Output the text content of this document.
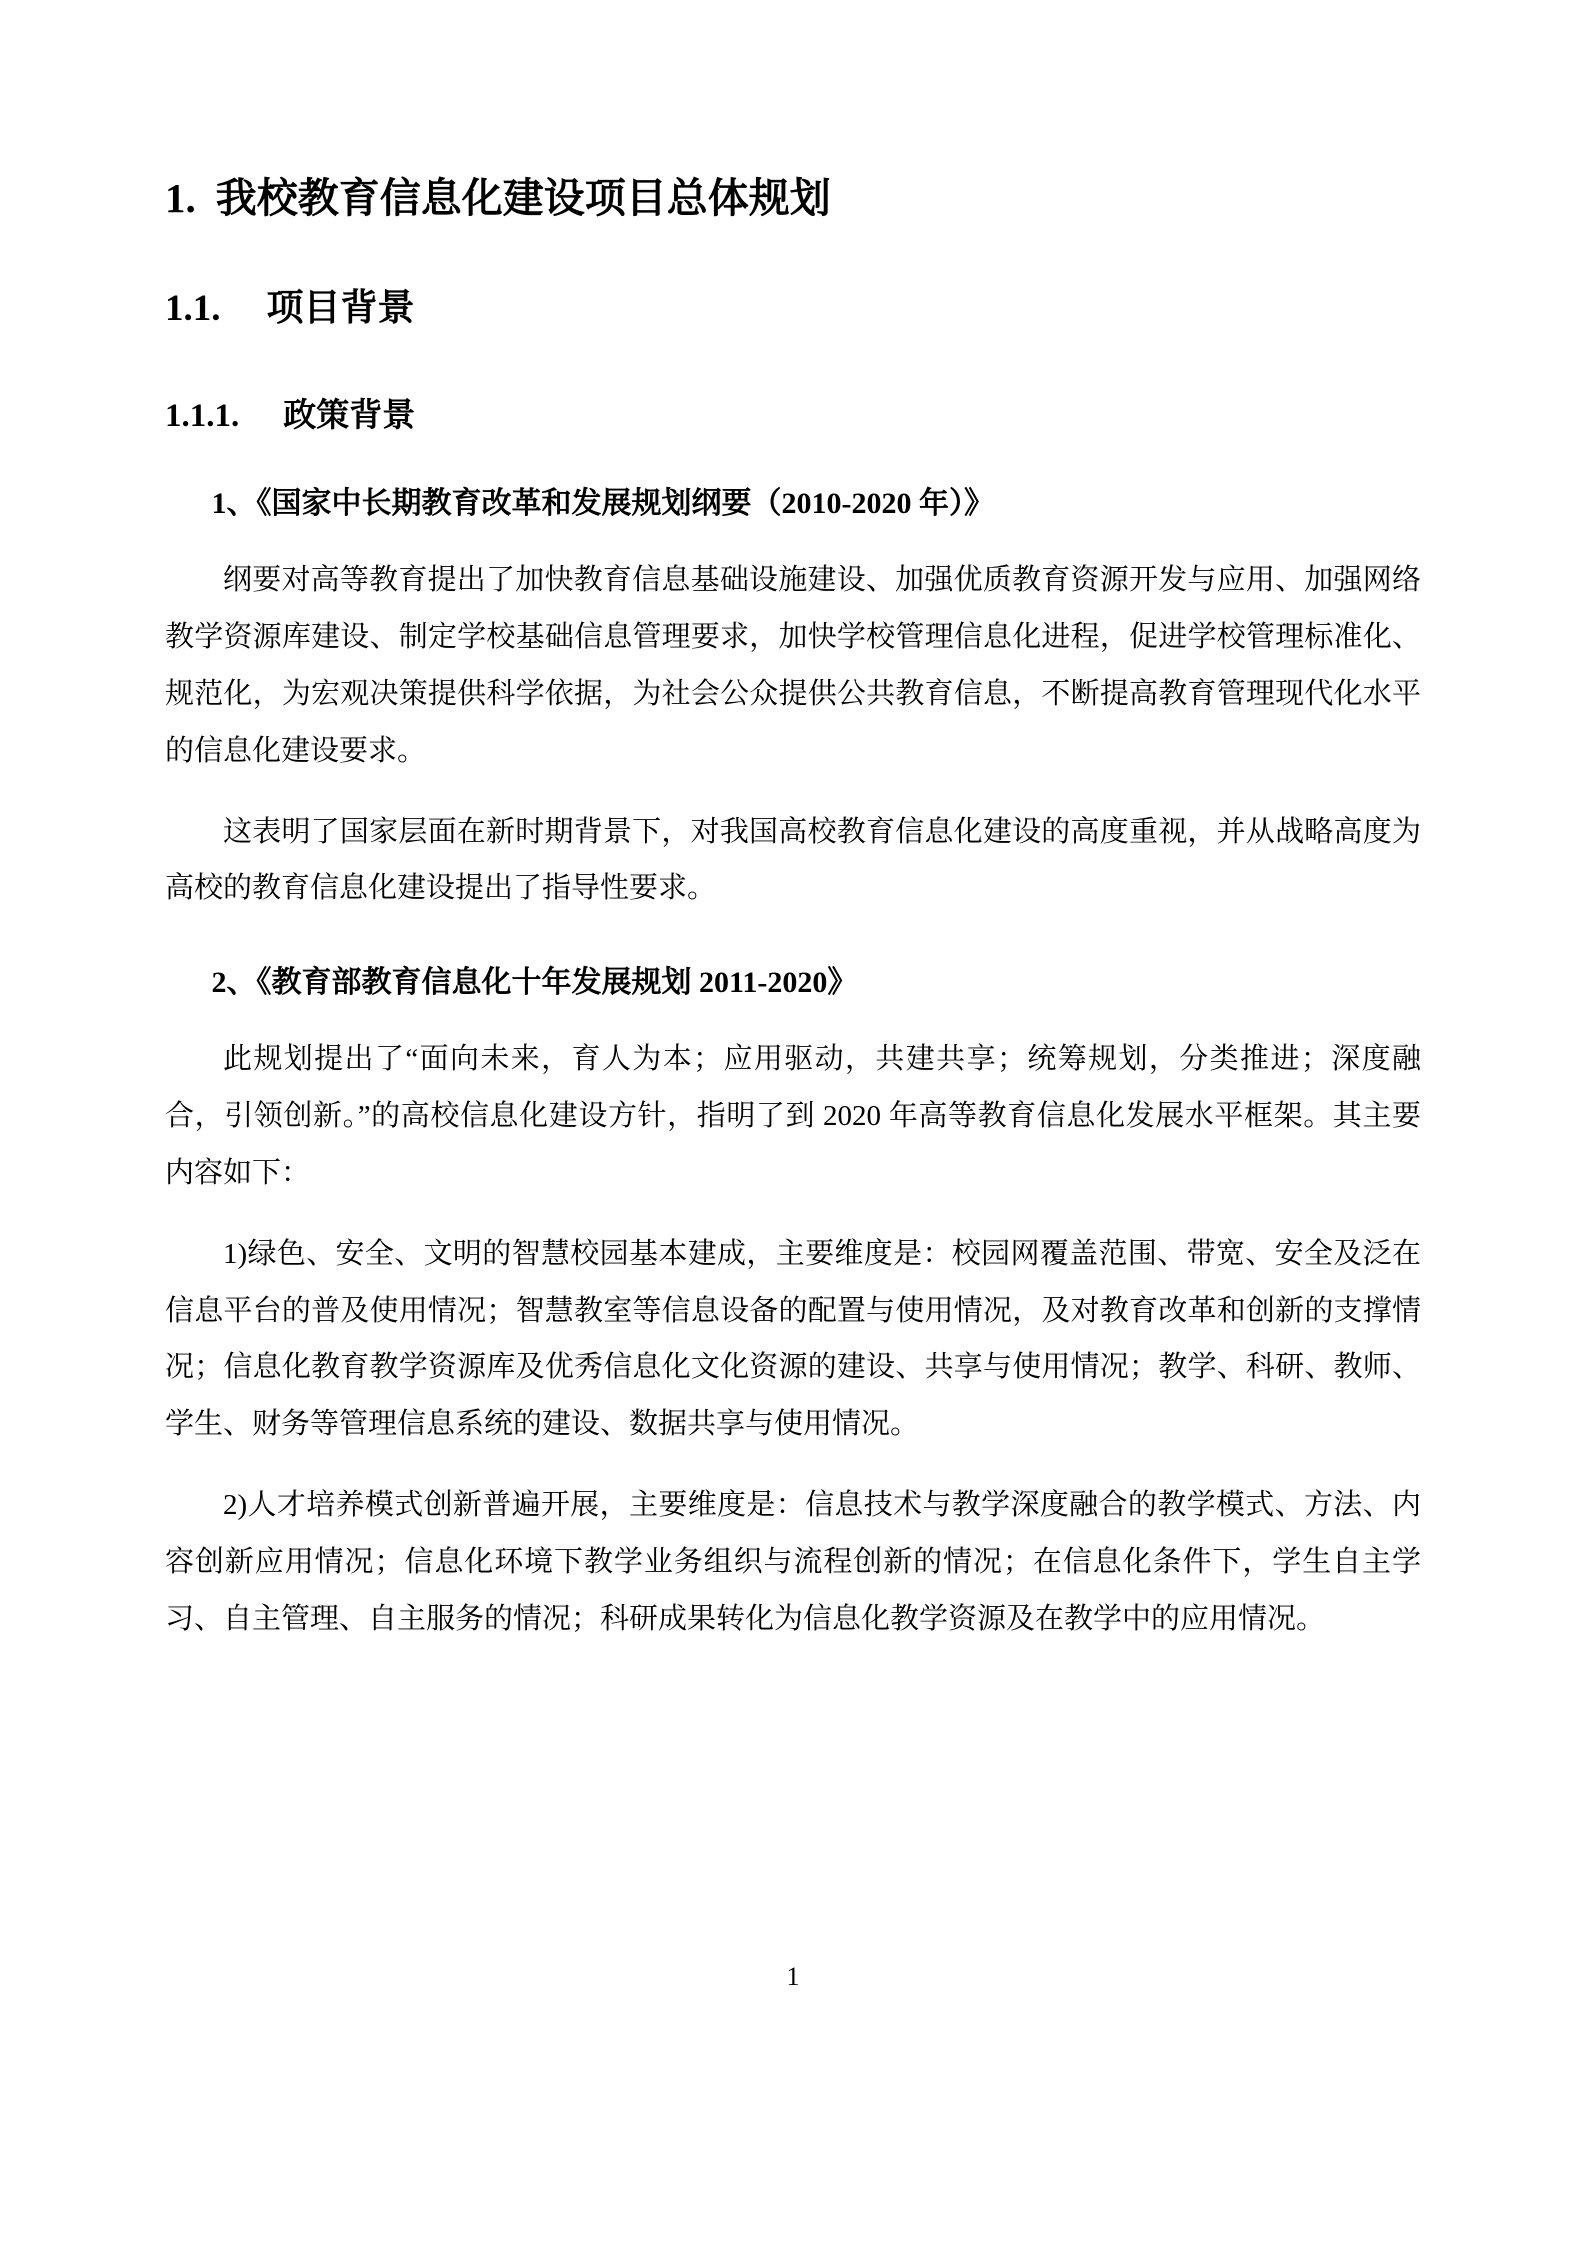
1. 我校教育信息化建设项目总体规划
1.1. 项目背景
1.1.1. 政策背景

1、《国家中长期教育改革和发展规划纲要（2010-2020 年）》

纲要对高等教育提出了加快教育信息基础设施建设、加强优质教育资源开发与应用、加强网络教学资源库建设、制定学校基础信息管理要求，加快学校管理信息化进程，促进学校管理标准化、规范化，为宏观决策提供科学依据，为社会公众提供公共教育信息，不断提高教育管理现代化水平的信息化建设要求。

这表明了国家层面在新时期背景下，对我国高校教育信息化建设的高度重视，并从战略高度为高校的教育信息化建设提出了指导性要求。

2、《教育部教育信息化十年发展规划 2011-2020》

此规划提出了“面向未来，育人为本；应用驱动，共建共享；统筹规划，分类推进；深度融合，引领创新。”的高校信息化建设方针，指明了到 2020 年高等教育信息化发展水平框架。其主要内容如下：

1)绿色、安全、文明的智慧校园基本建成，主要维度是：校园网覆盖范围、带宽、安全及泛在信息平台的普及使用情况；智慧教室等信息设备的配置与使用情况，及对教育改革和创新的支撑情况；信息化教育教学资源库及优秀信息化文化资源的建设、共享与使用情况；教学、科研、教师、学生、财务等管理信息系统的建设、数据共享与使用情况。

2)人才培养模式创新普遍开展，主要维度是：信息技术与教学深度融合的教学模式、方法、内容创新应用情况；信息化环境下教学业务组织与流程创新的情况；在信息化条件下，学生自主学习、自主管理、自主服务的情况；科研成果转化为信息化教学资源及在教学中的应用情况。

1
